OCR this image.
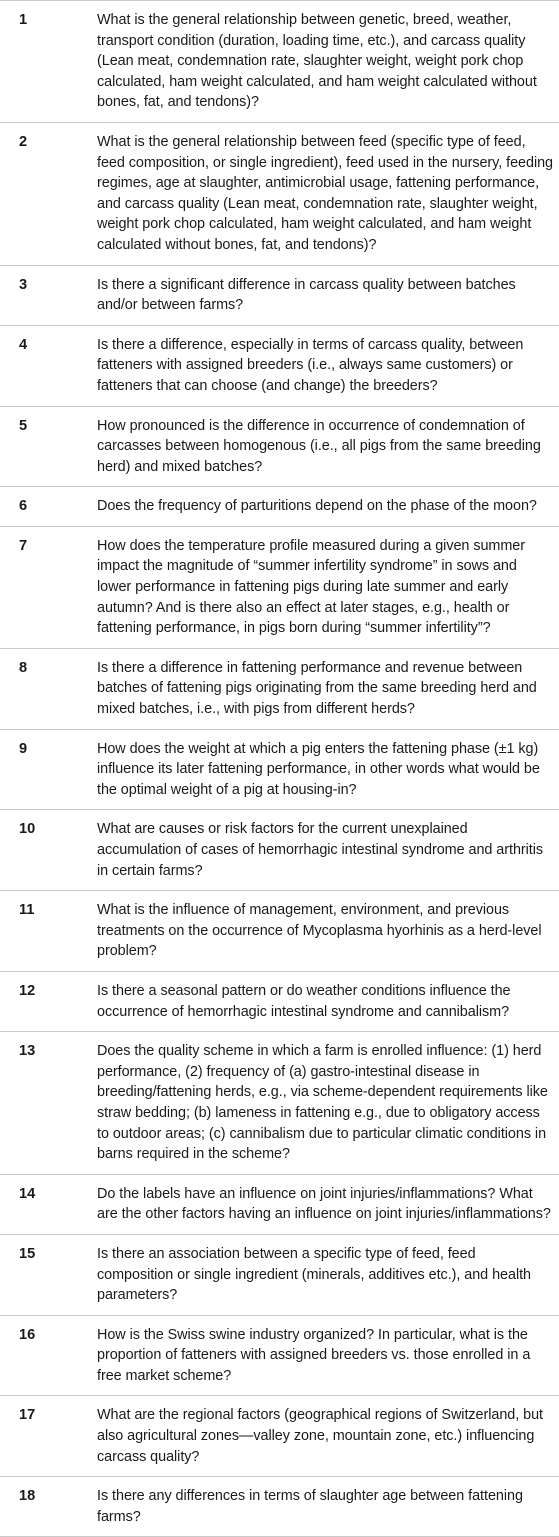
1	What is the general relationship between genetic, breed, weather, transport condition (duration, loading time, etc.), and carcass quality (Lean meat, condemnation rate, slaughter weight, weight pork chop calculated, ham weight calculated, and ham weight calculated without bones, fat, and tendons)?
2	What is the general relationship between feed (specific type of feed, feed composition, or single ingredient), feed used in the nursery, feeding regimes, age at slaughter, antimicrobial usage, fattening performance, and carcass quality (Lean meat, condemnation rate, slaughter weight, weight pork chop calculated, ham weight calculated, and ham weight calculated without bones, fat, and tendons)?
3	Is there a significant difference in carcass quality between batches and/or between farms?
4	Is there a difference, especially in terms of carcass quality, between fatteners with assigned breeders (i.e., always same customers) or fatteners that can choose (and change) the breeders?
5	How pronounced is the difference in occurrence of condemnation of carcasses between homogenous (i.e., all pigs from the same breeding herd) and mixed batches?
6	Does the frequency of parturitions depend on the phase of the moon?
7	How does the temperature profile measured during a given summer impact the magnitude of “summer infertility syndrome” in sows and lower performance in fattening pigs during late summer and early autumn? And is there also an effect at later stages, e.g., health or fattening performance, in pigs born during “summer infertility”?
8	Is there a difference in fattening performance and revenue between batches of fattening pigs originating from the same breeding herd and mixed batches, i.e., with pigs from different herds?
9	How does the weight at which a pig enters the fattening phase (±1 kg) influence its later fattening performance, in other words what would be the optimal weight of a pig at housing-in?
10	What are causes or risk factors for the current unexplained accumulation of cases of hemorrhagic intestinal syndrome and arthritis in certain farms?
11	What is the influence of management, environment, and previous treatments on the occurrence of Mycoplasma hyorhinis as a herd-level problem?
12	Is there a seasonal pattern or do weather conditions influence the occurrence of hemorrhagic intestinal syndrome and cannibalism?
13	Does the quality scheme in which a farm is enrolled influence: (1) herd performance, (2) frequency of (a) gastro-intestinal disease in breeding/fattening herds, e.g., via scheme-dependent requirements like straw bedding; (b) lameness in fattening e.g., due to obligatory access to outdoor areas; (c) cannibalism due to particular climatic conditions in barns required in the scheme?
14	Do the labels have an influence on joint injuries/inflammations? What are the other factors having an influence on joint injuries/inflammations?
15	Is there an association between a specific type of feed, feed composition or single ingredient (minerals, additives etc.), and health parameters?
16	How is the Swiss swine industry organized? In particular, what is the proportion of fatteners with assigned breeders vs. those enrolled in a free market scheme?
17	What are the regional factors (geographical regions of Switzerland, but also agricultural zones—valley zone, mountain zone, etc.) influencing carcass quality?
18	Is there any differences in terms of slaughter age between fattening farms?
